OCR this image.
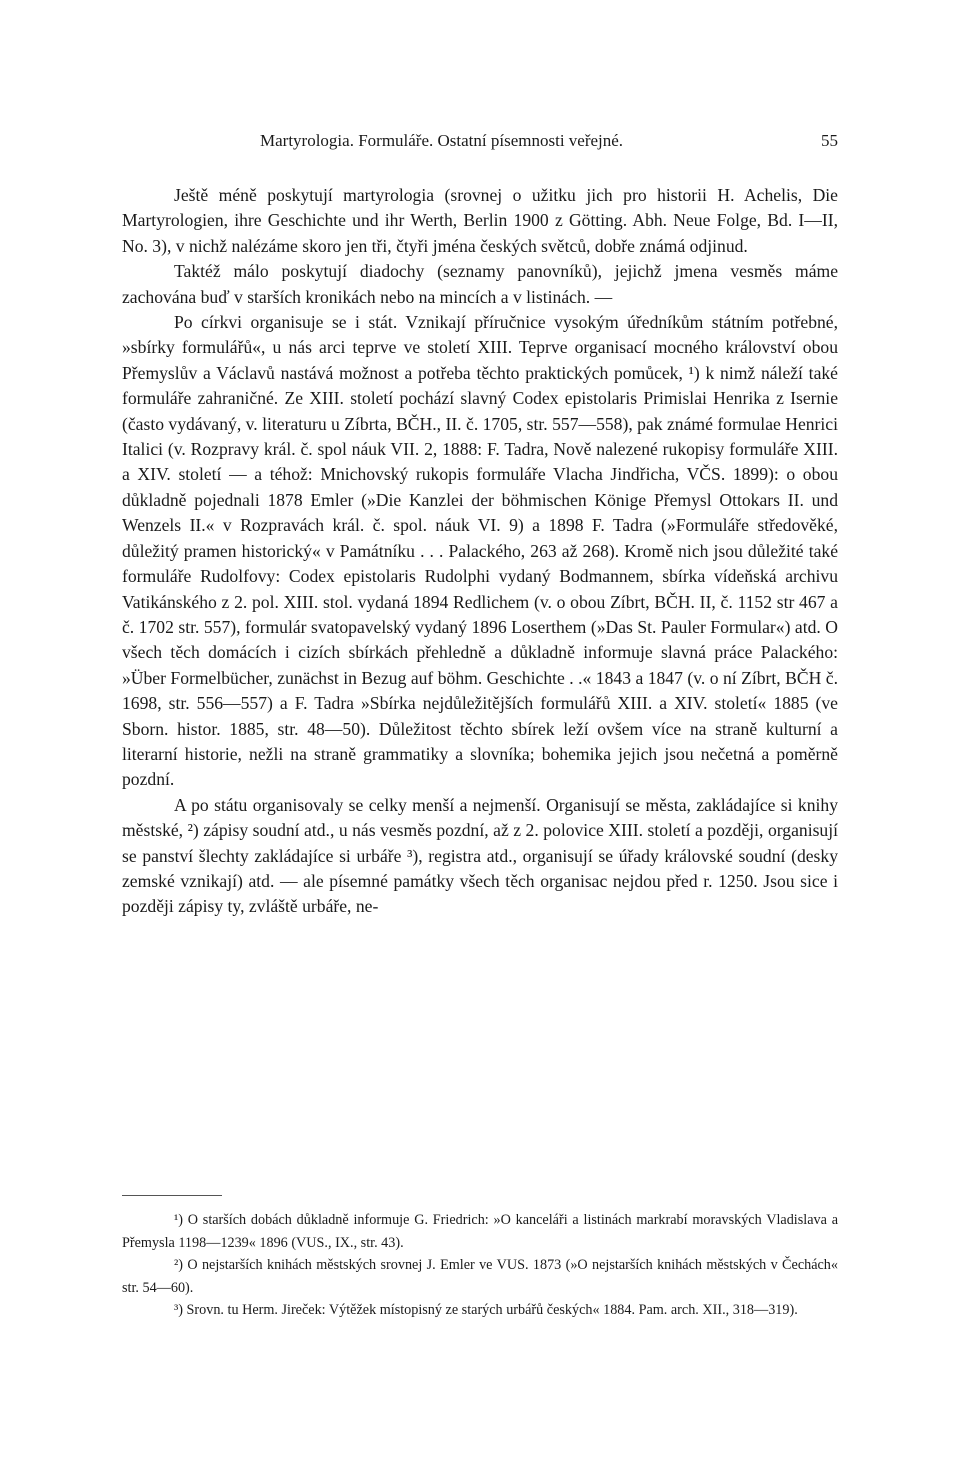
Martyrologia. Formuláře. Ostatní písemnosti veřejné.	55

Ještě méně poskytují martyrologia (srovnej o užitku jich pro historii H. Achelis, Die Martyrologien, ihre Geschichte und ihr Werth, Berlin 1900 z Götting. Abh. Neue Folge, Bd. I—II, No. 3), v nichž nalézáme skoro jen tři, čtyři jména českých světců, dobře známá odjinud.

Taktéž málo poskytují diadochy (seznamy panovníků), jejichž jmena vesměs máme zachována buď v starších kronikách nebo na mincích a v listinách. —

Po církvi organisuje se i stát. Vznikají příručnice vysokým úředníkům státním potřebné, »sbírky formulářů«, u nás arci teprve ve století XIII. Teprve organisací mocného království obou Přemyslův a Václavů nastává možnost a potřeba těchto praktických pomůcek, ¹) k nimž náleží také formuláře zahraničné. Ze XIII. století pochází slavný Codex epistolaris Primislai Henrika z Isernie (často vydávaný, v. literaturu u Zíbrta, BČH., II. č. 1705, str. 557—558), pak známé formulae Henrici Italici (v. Rozpravy král. č. spol náuk VII. 2, 1888: F. Tadra, Nově nalezené rukopisy formuláře XIII. a XIV. století — a téhož: Mnichovský rukopis formuláře Vlacha Jindřicha, VČS. 1899): o obou důkladně pojednali 1878 Emler (»Die Kanzlei der böhmischen Könige Přemysl Ottokars II. und Wenzels II.« v Rozpravách král. č. spol. náuk VI. 9) a 1898 F. Tadra (»Formuláře středověké, důležitý pramen historický« v Památníku . . . Palackého, 263 až 268). Kromě nich jsou důležité také formuláře Rudolfovy: Codex epistolaris Rudolphi vydaný Bodmannem, sbírka vídeňská archivu Vatikánského z 2. pol. XIII. stol. vydaná 1894 Redlichem (v. o obou Zíbrt, BČH. II, č. 1152 str 467 a č. 1702 str. 557), formulár svatopavelský vydaný 1896 Loserthem (»Das St. Pauler Formular«) atd. O všech těch domácích i cizích sbírkách přehledně a důkladně informuje slavná práce Palackého: »Über Formelbücher, zunächst in Bezug auf böhm. Geschichte . .« 1843 a 1847 (v. o ní Zíbrt, BČH č. 1698, str. 556—557) a F. Tadra »Sbírka nejdůležitějších formulářů XIII. a XIV. století« 1885 (ve Sborn. histor. 1885, str. 48—50). Důležitost těchto sbírek leží ovšem více na straně kulturní a literarní historie, nežli na straně grammatiky a slovníka; bohemika jejich jsou nečetná a poměrně pozdní.

A po státu organisovaly se celky menší a nejmenší. Organisují se města, zakládajíce si knihy městské, ²) zápisy soudní atd., u nás vesměs pozdní, až z 2. polovice XIII. století a později, organisují se panství šlechty zakládajíce si urbáře ³), registra atd., organisují se úřady královské soudní (desky zemské vznikají) atd. — ale písemné památky všech těch organisac nejdou před r. 1250. Jsou sice i později zápisy ty, zvláště urbáře, ne-

¹) O starších dobách důkladně informuje G. Friedrich: »O kanceláři a listinách markrabí moravských Vladislava a Přemysla 1198—1239« 1896 (VUS., IX., str. 43).

²) O nejstarších knihách městských srovnej J. Emler ve VUS. 1873 (»O nejstarších knihách městských v Čechách« str. 54—60).

³) Srovn. tu Herm. Jireček: Výtěžek místopisný ze starých urbářů českých« 1884. Pam. arch. XII., 318—319).
